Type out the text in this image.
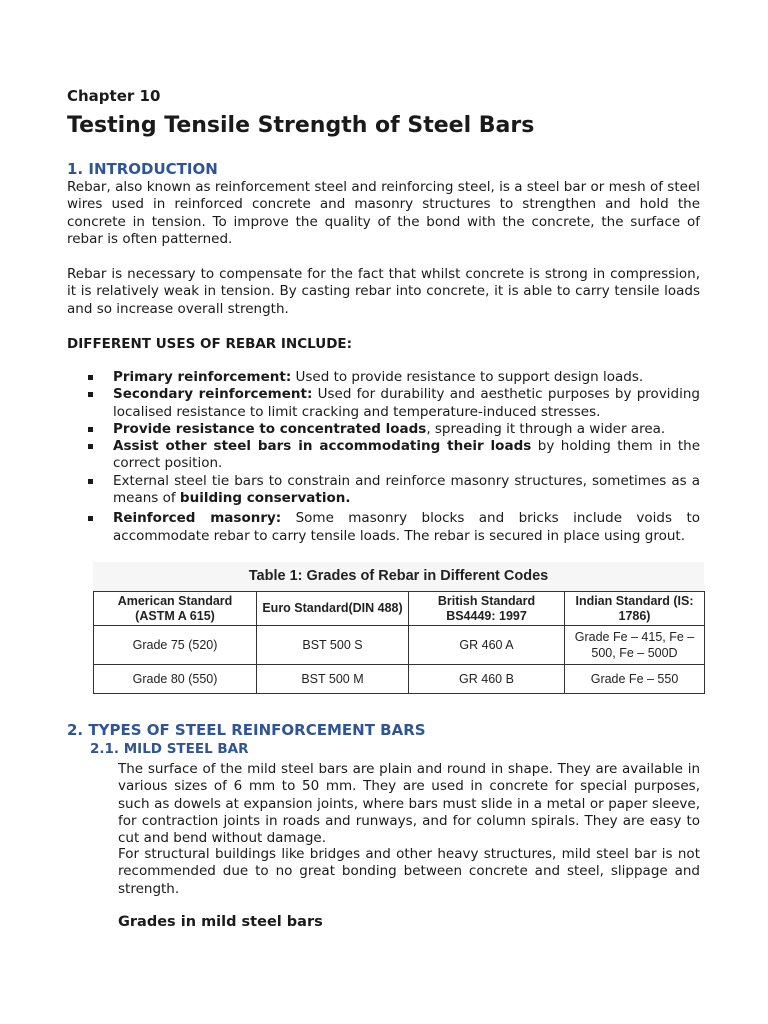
Chapter 10
Testing Tensile Strength of Steel Bars
1. INTRODUCTION
Rebar, also known as reinforcement steel and reinforcing steel, is a steel bar or mesh of steel wires used in reinforced concrete and masonry structures to strengthen and hold the concrete in tension. To improve the quality of the bond with the concrete, the surface of rebar is often patterned.
Rebar is necessary to compensate for the fact that whilst concrete is strong in compression, it is relatively weak in tension. By casting rebar into concrete, it is able to carry tensile loads and so increase overall strength.
DIFFERENT USES OF REBAR INCLUDE:
Primary reinforcement: Used to provide resistance to support design loads.
Secondary reinforcement: Used for durability and aesthetic purposes by providing localised resistance to limit cracking and temperature-induced stresses.
Provide resistance to concentrated loads, spreading it through a wider area.
Assist other steel bars in accommodating their loads by holding them in the correct position.
External steel tie bars to constrain and reinforce masonry structures, sometimes as a means of building conservation.
Reinforced masonry: Some masonry blocks and bricks include voids to accommodate rebar to carry tensile loads. The rebar is secured in place using grout.
Table 1: Grades of Rebar in Different Codes
American Standard (ASTM A 615)	Euro Standard(DIN 488)	British Standard BS4449: 1997	Indian Standard (IS: 1786)
Grade 75 (520)	BST 500 S	GR 460 A	Grade Fe – 415, Fe – 500, Fe – 500D
Grade 80 (550)	BST 500 M	GR 460 B	Grade Fe – 550
2. TYPES OF STEEL REINFORCEMENT BARS
2.1. MILD STEEL BAR
The surface of the mild steel bars are plain and round in shape. They are available in various sizes of 6 mm to 50 mm. They are used in concrete for special purposes, such as dowels at expansion joints, where bars must slide in a metal or paper sleeve, for contraction joints in roads and runways, and for column spirals. They are easy to cut and bend without damage.
For structural buildings like bridges and other heavy structures, mild steel bar is not recommended due to no great bonding between concrete and steel, slippage and strength.
Grades in mild steel bars
